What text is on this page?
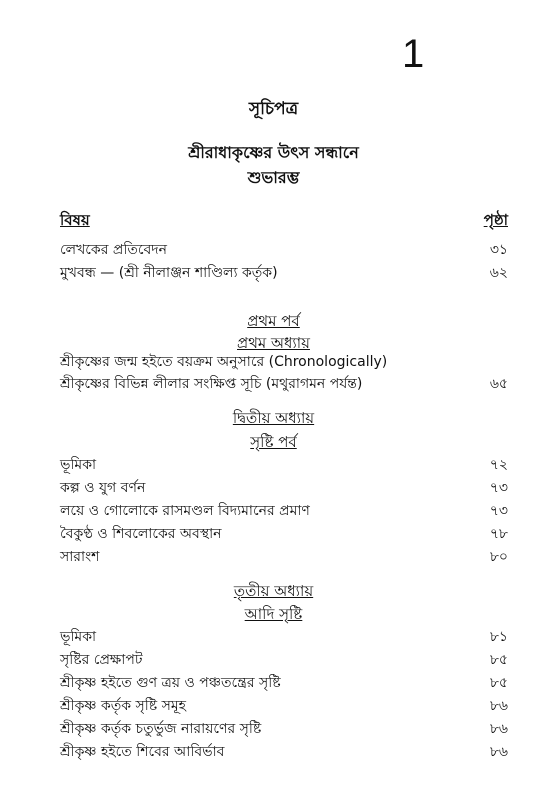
1
সূচিপত্র
শ্রীরাধাকৃষ্ণের উৎস সন্ধানে
শুভারম্ভ
বিষয়	পৃষ্ঠা
লেখকের প্রতিবেদন	৩১
মুখবন্ধ — (শ্রী নীলাঞ্জন শাণ্ডিল্য কর্তৃক)	৬২
প্রথম পর্ব
প্রথম অধ্যায়
শ্রীকৃষ্ণের জন্ম হইতে বয়ক্রম অনুসারে (Chronologically)
শ্রীকৃষ্ণের বিভিন্ন লীলার সংক্ষিপ্ত সূচি (মথুরাগমন পর্যন্ত)	৬৫
দ্বিতীয় অধ্যায়
সৃষ্টি পর্ব
ভূমিকা	৭২
কল্প ও যুগ বর্ণন	৭৩
লয়ে ও গোলোকে রাসমণ্ডল বিদ্যমানের প্রমাণ	৭৩
বৈকুণ্ঠ ও শিবলোকের অবস্থান	৭৮
সারাংশ	৮০
তৃতীয় অধ্যায়
আদি সৃষ্টি
ভূমিকা	৮১
সৃষ্টির প্রেক্ষাপট	৮৫
শ্রীকৃষ্ণ হইতে গুণ ত্রয় ও পঞ্চতন্ত্রের সৃষ্টি	৮৫
শ্রীকৃষ্ণ কর্তৃক সৃষ্টি সমূহ	৮৬
শ্রীকৃষ্ণ কর্তৃক চতুর্ভুজ নারায়ণের সৃষ্টি	৮৬
শ্রীকৃষ্ণ হইতে শিবের আবির্ভাব	৮৬
